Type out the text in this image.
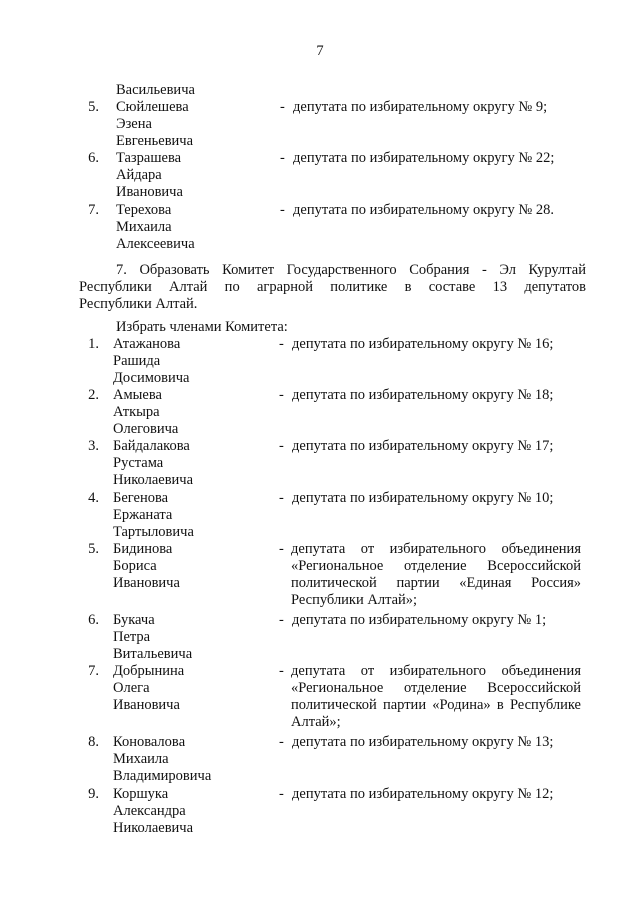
7
Васильевича
5. Сюйлешева
Эзена
Евгеньевича
- депутата по избирательному округу № 9;
6. Тазрашева
Айдара
Ивановича
- депутата по избирательному округу № 22;
7. Терехова
Михаила
Алексеевича
- депутата по избирательному округу № 28.
7. Образовать Комитет Государственного Собрания - Эл Курултай
Республики Алтай по аграрной политике в составе 13 депутатов
Республики Алтай.
Избрать членами Комитета:
1. Атажанова
Рашида
Досимовича
- депутата по избирательному округу № 16;
2. Амыева
Аткыра
Олеговича
- депутата по избирательному округу № 18;
3. Байдалакова
Рустама
Николаевича
- депутата по избирательному округу № 17;
4. Бегенова
Ержаната
Тартыловича
- депутата по избирательному округу № 10;
5. Бидинова
Бориса
Ивановича
- депутата от избирательного объединения
«Региональное отделение Всероссийской
политической партии «Единая Россия»
Республики Алтай»;
6. Букача
Петра
Витальевича
- депутата по избирательному округу № 1;
7. Добрынина
Олега
Ивановича
- депутата от избирательного объединения
«Региональное отделение Всероссийской
политической партии «Родина» в Республике
Алтай»;
8. Коноваловa
Михаила
Владимировича
- депутата по избирательному округу № 13;
9. Коршука
Александра
Николаевича
- депутата по избирательному округу № 12;
